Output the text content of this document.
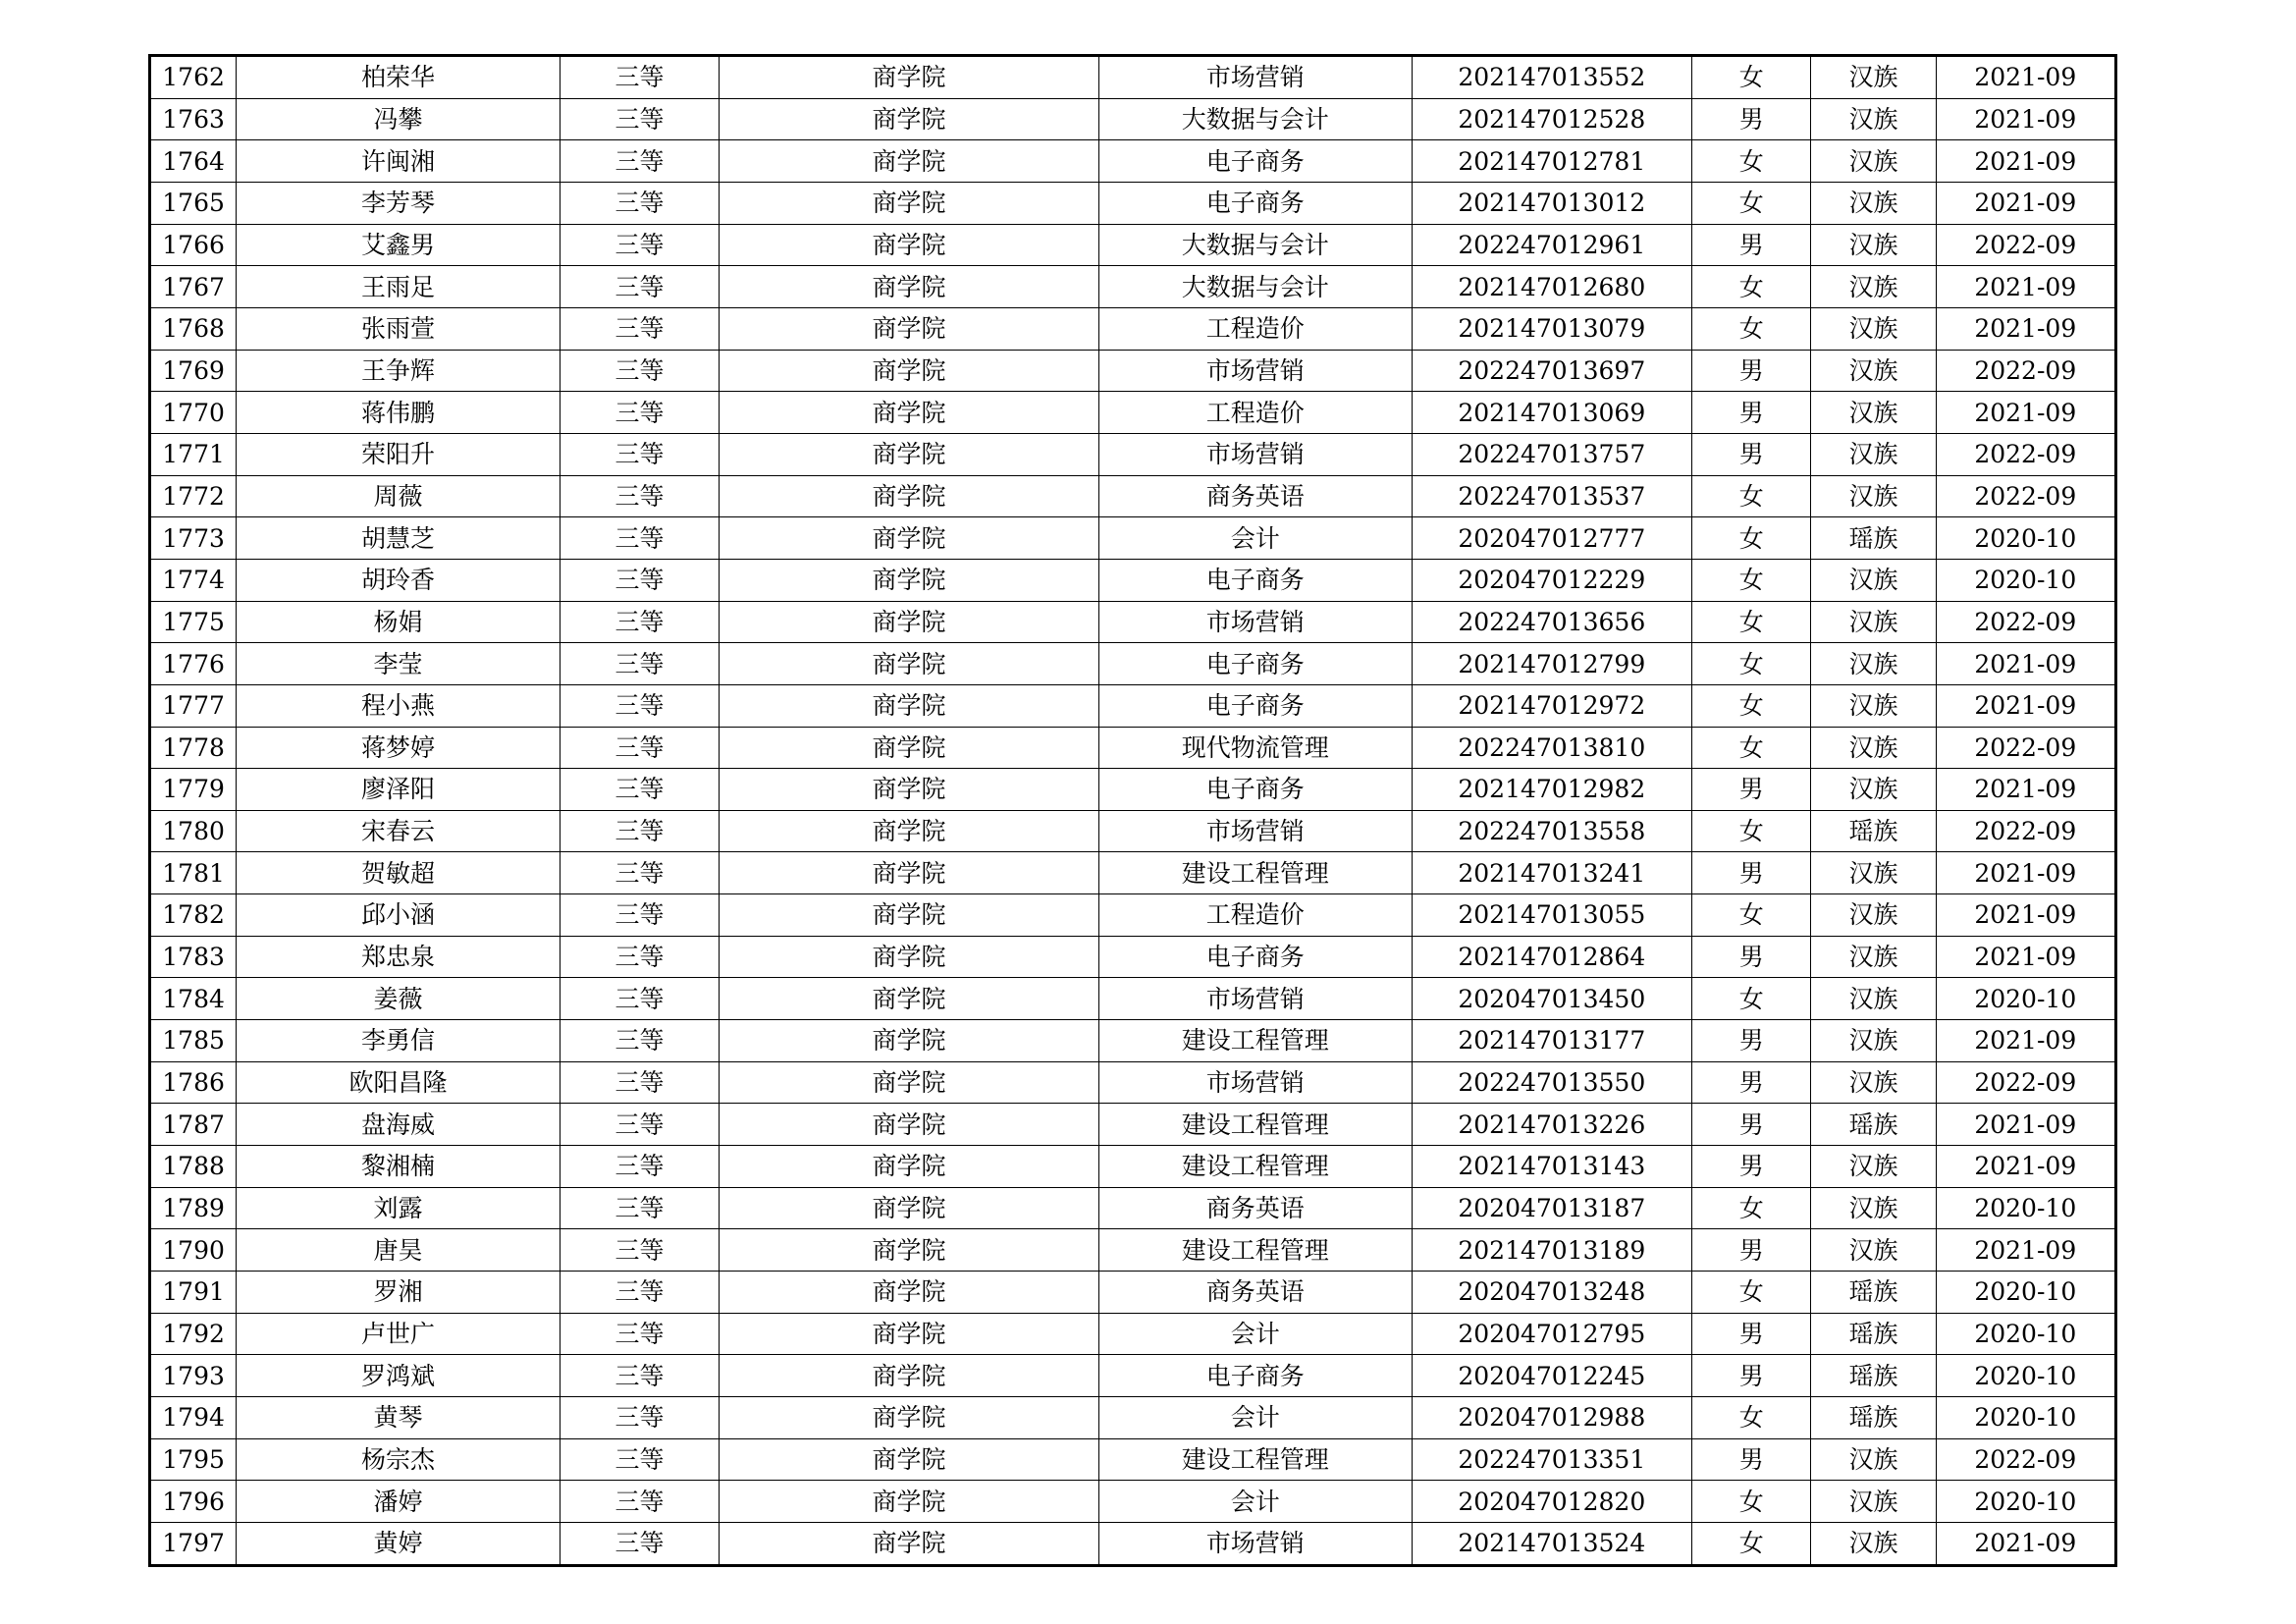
1762	柏荣华	三等	商学院	市场营销	202147013552	女	汉族	2021-09
1763	冯攀	三等	商学院	大数据与会计	202147012528	男	汉族	2021-09
1764	许闽湘	三等	商学院	电子商务	202147012781	女	汉族	2021-09
1765	李芳琴	三等	商学院	电子商务	202147013012	女	汉族	2021-09
1766	艾鑫男	三等	商学院	大数据与会计	202247012961	男	汉族	2022-09
1767	王雨足	三等	商学院	大数据与会计	202147012680	女	汉族	2021-09
1768	张雨萱	三等	商学院	工程造价	202147013079	女	汉族	2021-09
1769	王争辉	三等	商学院	市场营销	202247013697	男	汉族	2022-09
1770	蒋伟鹏	三等	商学院	工程造价	202147013069	男	汉族	2021-09
1771	荣阳升	三等	商学院	市场营销	202247013757	男	汉族	2022-09
1772	周薇	三等	商学院	商务英语	202247013537	女	汉族	2022-09
1773	胡慧芝	三等	商学院	会计	202047012777	女	瑶族	2020-10
1774	胡玲香	三等	商学院	电子商务	202047012229	女	汉族	2020-10
1775	杨娟	三等	商学院	市场营销	202247013656	女	汉族	2022-09
1776	李莹	三等	商学院	电子商务	202147012799	女	汉族	2021-09
1777	程小燕	三等	商学院	电子商务	202147012972	女	汉族	2021-09
1778	蒋梦婷	三等	商学院	现代物流管理	202247013810	女	汉族	2022-09
1779	廖泽阳	三等	商学院	电子商务	202147012982	男	汉族	2021-09
1780	宋春云	三等	商学院	市场营销	202247013558	女	瑶族	2022-09
1781	贺敏超	三等	商学院	建设工程管理	202147013241	男	汉族	2021-09
1782	邱小涵	三等	商学院	工程造价	202147013055	女	汉族	2021-09
1783	郑忠泉	三等	商学院	电子商务	202147012864	男	汉族	2021-09
1784	姜薇	三等	商学院	市场营销	202047013450	女	汉族	2020-10
1785	李勇信	三等	商学院	建设工程管理	202147013177	男	汉族	2021-09
1786	欧阳昌隆	三等	商学院	市场营销	202247013550	男	汉族	2022-09
1787	盘海威	三等	商学院	建设工程管理	202147013226	男	瑶族	2021-09
1788	黎湘楠	三等	商学院	建设工程管理	202147013143	男	汉族	2021-09
1789	刘露	三等	商学院	商务英语	202047013187	女	汉族	2020-10
1790	唐昊	三等	商学院	建设工程管理	202147013189	男	汉族	2021-09
1791	罗湘	三等	商学院	商务英语	202047013248	女	瑶族	2020-10
1792	卢世广	三等	商学院	会计	202047012795	男	瑶族	2020-10
1793	罗鸿斌	三等	商学院	电子商务	202047012245	男	瑶族	2020-10
1794	黄琴	三等	商学院	会计	202047012988	女	瑶族	2020-10
1795	杨宗杰	三等	商学院	建设工程管理	202247013351	男	汉族	2022-09
1796	潘婷	三等	商学院	会计	202047012820	女	汉族	2020-10
1797	黄婷	三等	商学院	市场营销	202147013524	女	汉族	2021-09
